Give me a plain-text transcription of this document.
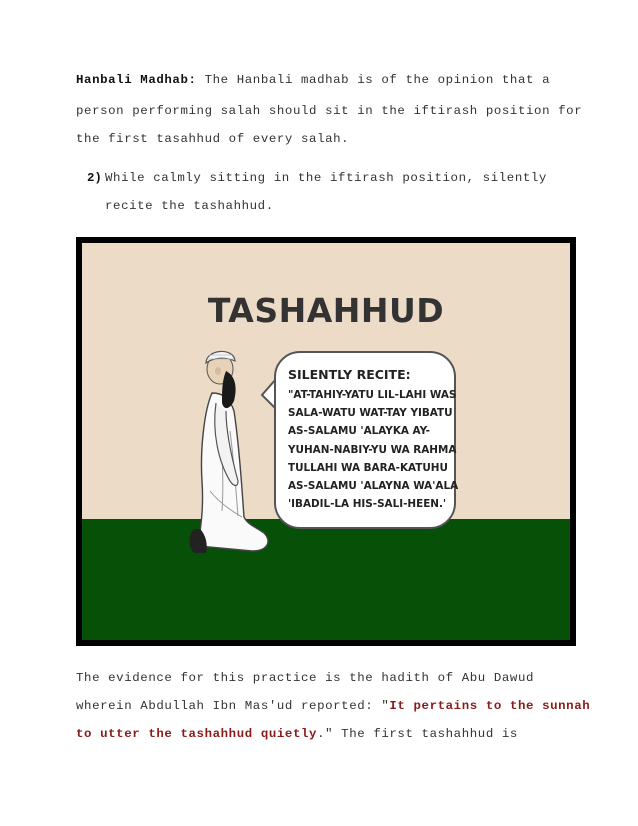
Hanbali Madhab: The Hanbali madhab is of the opinion that a
person performing salah should sit in the iftirash position for
the first tasahhud of every salah.
2) While calmly sitting in the iftirash position, silently
recite the tashahhud.
TASHAHHUD
SILENTLY RECITE:
"AT-TAHIY-YATU LIL-LAHI WAS
SALA-WATU WAT-TAY YIBATU
AS-SALAMU 'ALAYKA AY-
YUHAN-NABIY-YU WA RAHMA
TULLAHI WA BARA-KATUHU
AS-SALAMU 'ALAYNA WA'ALA
'IBADIL-LA HIS-SALI-HEEN.'
The evidence for this practice is the hadith of Abu Dawud
wherein Abdullah Ibn Mas'ud reported: "It pertains to the sunnah
to utter the tashahhud quietly." The first tashahhud is
